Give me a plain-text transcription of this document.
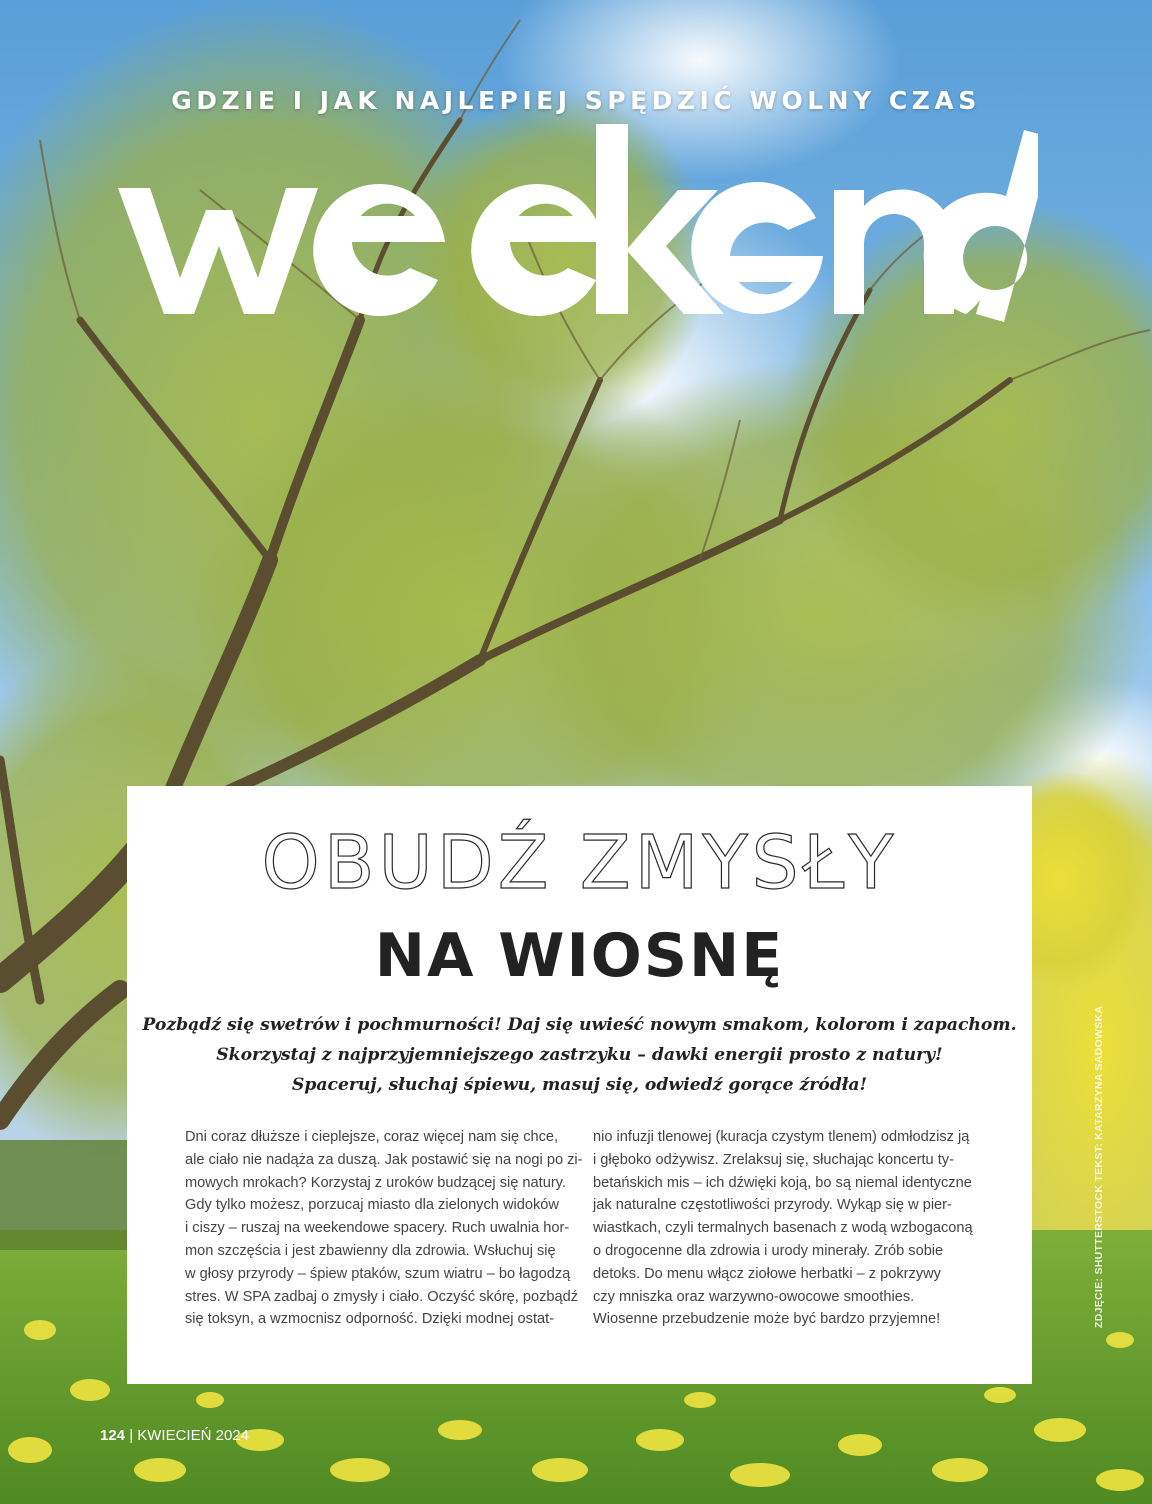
GDZIE I JAK NAJLEPIEJ SPĘDZIĆ WOLNY CZAS
OBUDŹ ZMYSŁY
NA WIOSNĘ
Pozbądź się swetrów i pochmurności! Daj się uwieść nowym smakom, kolorom i zapachom.
Skorzystaj z najprzyjemniejszego zastrzyku – dawki energii prosto z natury!
Spaceruj, słuchaj śpiewu, masuj się, odwiedź gorące źródła!
Dni coraz dłuższe i cieplejsze, coraz więcej nam się chce,
ale ciało nie nadąża za duszą. Jak postawić się na nogi po zi-
mowych mrokach? Korzystaj z uroków budzącej się natury.
Gdy tylko możesz, porzucaj miasto dla zielonych widoków
i ciszy – ruszaj na weekendowe spacery. Ruch uwalnia hor-
mon szczęścia i jest zbawienny dla zdrowia. Wsłuchuj się
w głosy przyrody – śpiew ptaków, szum wiatru – bo łagodzą
stres. W SPA zadbaj o zmysły i ciało. Oczyść skórę, pozbądź
się toksyn, a wzmocnisz odporność. Dzięki modnej ostat-
nio infuzji tlenowej (kuracja czystym tlenem) odmłodzisz ją
i głęboko odżywisz. Zrelaksuj się, słuchając koncertu ty-
betańskich mis – ich dźwięki koją, bo są niemal identyczne
jak naturalne częstotliwości przyrody. Wykąp się w pier-
wiastkach, czyli termalnych basenach z wodą wzbogaconą
o drogocenne dla zdrowia i urody minerały. Zrób sobie
detoks. Do menu włącz ziołowe herbatki – z pokrzywy
czy mniszka oraz warzywno-owocowe smoothies.
Wiosenne przebudzenie może być bardzo przyjemne!	ZDJĘCIE: SHUTTERSTOCK TEKST: KATARZYNA SADOWSKA
124 | KWIECIEŃ 2024
